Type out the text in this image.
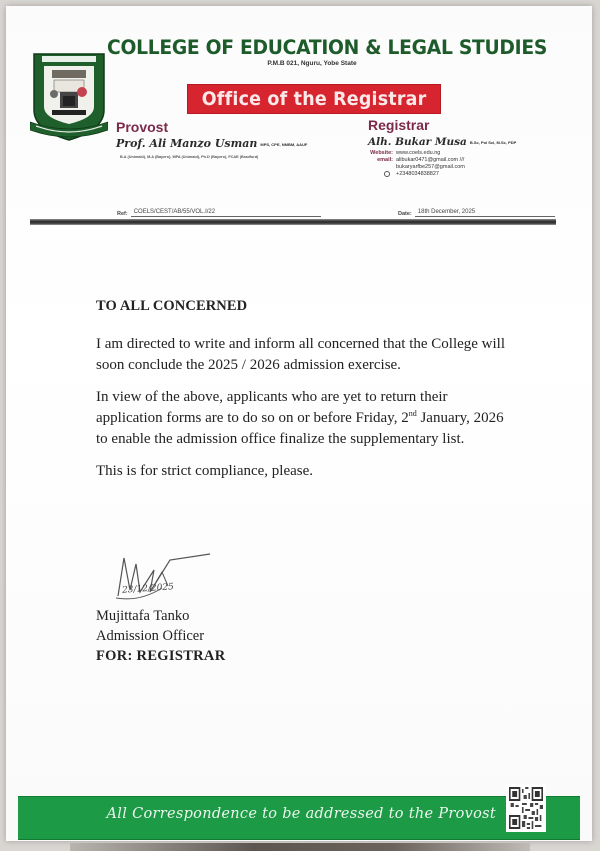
COLLEGE OF EDUCATION & LEGAL STUDIES
P.M.B 021, Nguru, Yobe State
Office of the Registrar
Provost
Prof. Ali Manzo Usman MPS, CPE, NMBM, AAUF
B.A (Unimaid), M.A (Bayero), MPA (Unimaid), Ph.D (Bayero), FCAE (Bradford)
Registrar
Alh. Bukar Musa B.Sc, Pol Sci, M.Sc, PDP
Website: www.coels.edu.ng
email: alibukar0471@gmail.com ///
bukaryarfbe257@gmail.com
+2348034838827
Ref:	COELS/CEST/AB/55/VOL.I/22	Date:	18th December, 2025
TO ALL CONCERNED

I am directed to write and inform all concerned that the College will soon conclude the 2025 / 2026 admission exercise.

In view of the above, applicants who are yet to return their application forms are to do so on or before Friday, 2nd January, 2026 to enable the admission office finalize the supplementary list.

This is for strict compliance, please.

23/12/2025
Mujittafa Tanko
Admission Officer
FOR: REGISTRAR
All Correspondence to be addressed to the Provost
